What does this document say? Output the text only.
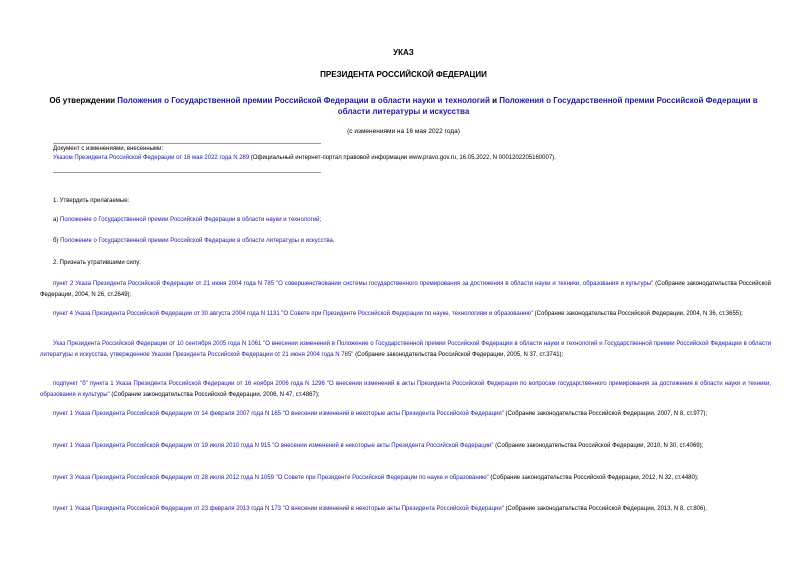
УКАЗ
ПРЕЗИДЕНТА РОССИЙСКОЙ ФЕДЕРАЦИИ
Об утверждении Положения о Государственной премии Российской Федерации в области науки и технологий и Положения о Государственной премии Российской Федерации в области литературы и искусства
(с изменениями на 16 мая 2022 года)
Документ с изменениями, внесенными:
Указом Президента Российской Федерации от 16 мая 2022 года N 289 (Официальный интернет-портал правовой информации www.pravo.gov.ru, 16.05.2022, N 0001202205160007).
1. Утвердить прилагаемые:
а) Положение о Государственной премии Российской Федерации в области науки и технологий;
б) Положение о Государственной премии Российской Федерации в области литературы и искусства.
2. Признать утратившими силу:
пункт 2 Указа Президента Российской Федерации от 21 июня 2004 года N 785 "О совершенствовании системы государственного премирования за достижения в области науки и техники, образования и культуры" (Собрание законодательства Российской Федерации, 2004, N 26, ст.2649);
пункт 4 Указа Президента Российской Федерации от 30 августа 2004 года N 1131 "О Совете при Президенте Российской Федерации по науке, технологиям и образованию" (Собрание законодательства Российской Федерации, 2004, N 36, ст.3655);
Указ Президента Российской Федерации от 10 сентября 2005 года N 1061 "О внесении изменений в Положение о Государственной премии Российской Федерации в области науки и технологий и Государственной премии Российской Федерации в области литературы и искусства, утвержденное Указом Президента Российской Федерации от 21 июня 2004 года N 785" (Собрание законодательства Российской Федерации, 2005, N 37, ст.3741);
подпункт "б" пункта 1 Указа Президента Российской Федерации от 16 ноября 2006 года N 1296 "О внесении изменений в акты Президента Российской Федерации по вопросам государственного премирования за достижения в области науки и техники, образования и культуры" (Собрание законодательства Российской Федерации, 2006, N 47, ст.4867);
пункт 1 Указа Президента Российской Федерации от 14 февраля 2007 года N 165 "О внесении изменений в некоторые акты Президента Российской Федерации" (Собрание законодательства Российской Федерации, 2007, N 8, ст.977);
пункт 1 Указа Президента Российской Федерации от 19 июля 2010 года N 915 "О внесении изменений в некоторые акты Президента Российской Федерации" (Собрание законодательства Российской Федерации, 2010, N 30, ст.4069);
пункт 3 Указа Президента Российской Федерации от 28 июля 2012 года N 1059 "О Совете при Президенте Российской Федерации по науке и образованию" (Собрание законодательства Российской Федерации, 2012, N 32, ст.4480);
пункт 1 Указа Президента Российской Федерации от 23 февраля 2013 года N 173 "О внесении изменений в некоторые акты Президента Российской Федерации" (Собрание законодательства Российской Федерации, 2013, N 8, ст.806).
